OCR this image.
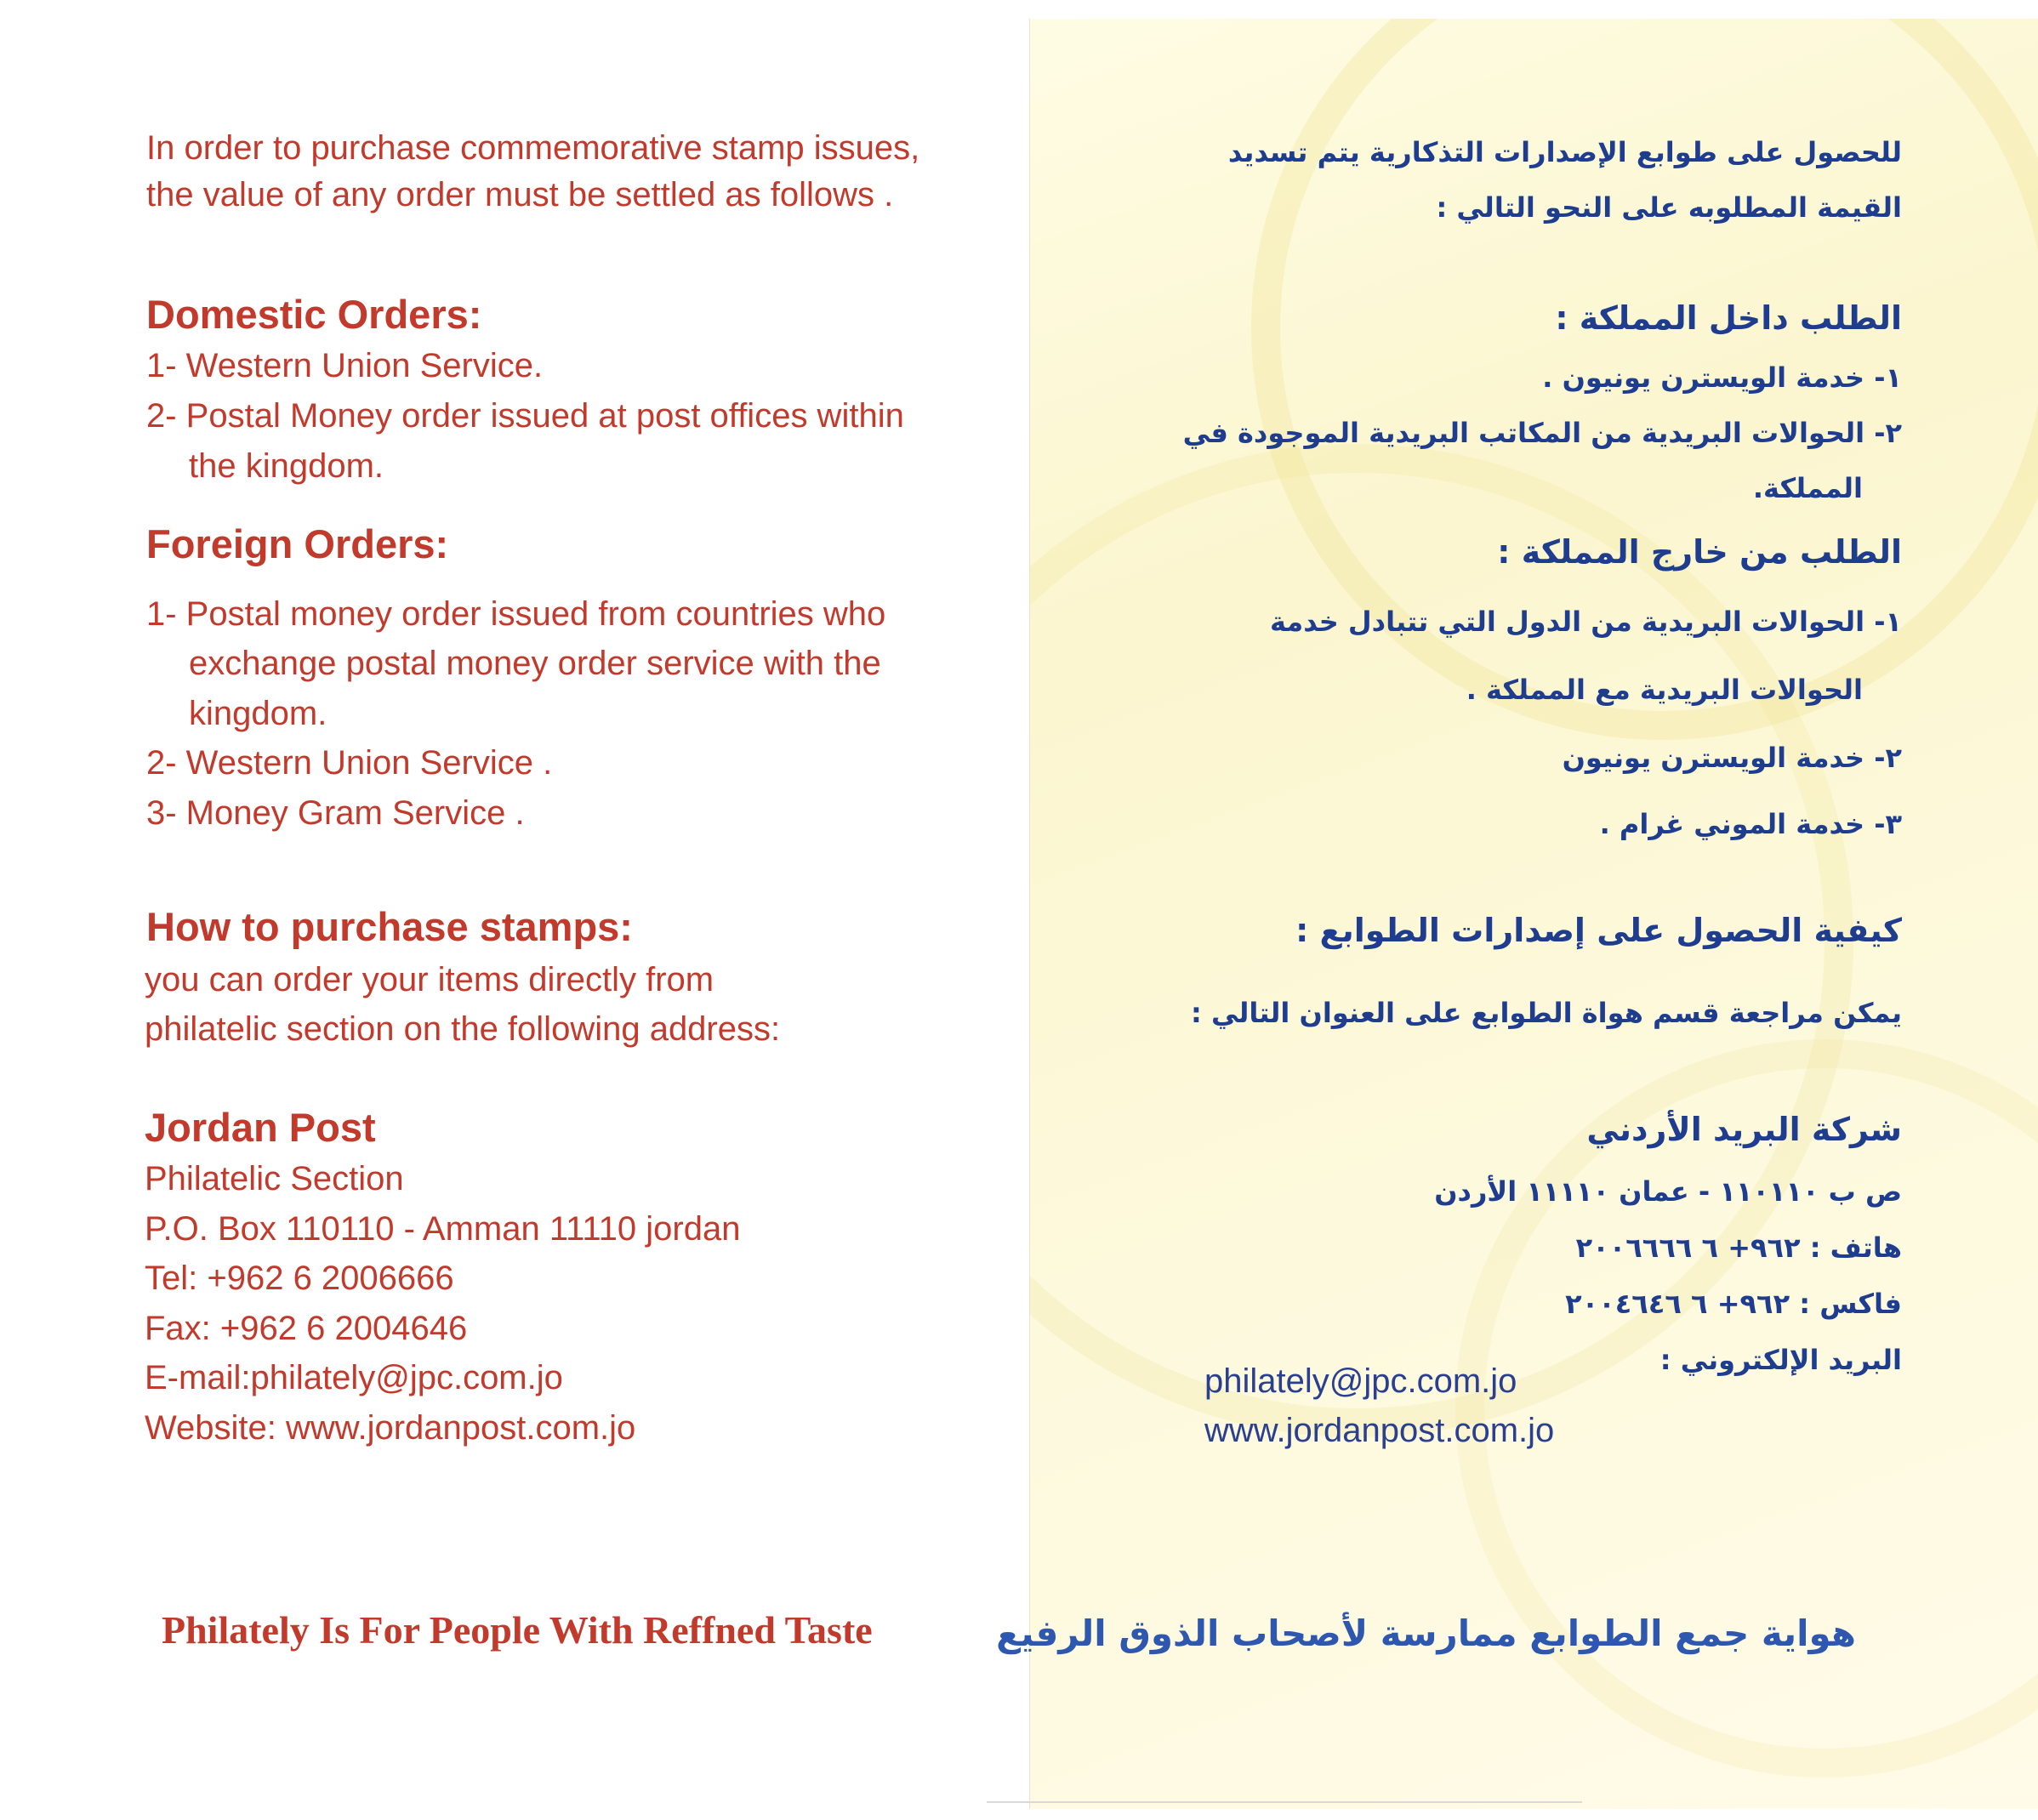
In order to purchase commemorative stamp issues,
the value of any order must be settled as follows .
Domestic Orders:
1- Western Union Service.
2- Postal Money order issued at post offices within
the kingdom.
Foreign Orders:
1- Postal money order issued from countries who
exchange postal money order service with the
kingdom.
2- Western Union Service .
3- Money Gram Service .
How to purchase stamps:
you can order your items directly from
philatelic section on the following address:
Jordan Post
Philatelic Section
P.O. Box 110110 - Amman 11110 jordan
Tel: +962 6 2006666
Fax: +962 6 2004646
E-mail:philately@jpc.com.jo
Website: www.jordanpost.com.jo
Philately Is For People With Reffned Taste
للحصول على طوابع الإصدارات التذكارية يتم تسديد
القيمة المطلوبه على النحو التالي :
الطلب داخل المملكة :
١- خدمة الويسترن يونيون .
٢- الحوالات البريدية من المكاتب البريدية الموجودة في
المملكة.
الطلب من خارج المملكة :
١- الحوالات البريدية من الدول التي تتبادل خدمة
الحوالات البريدية مع المملكة .
٢- خدمة الويسترن يونيون
٣- خدمة الموني غرام .
كيفية الحصول على إصدارات الطوابع :
يمكن مراجعة قسم هواة الطوابع على العنوان التالي :
شركة البريد الأردني
ص ب ١١٠١١٠ - عمان ١١١١٠ الأردن
هاتف : ٩٦٢+ ٦ ٢٠٠٦٦٦٦
فاكس : ٩٦٢+ ٦ ٢٠٠٤٦٤٦
البريد الإلكتروني :
philately@jpc.com.jo
www.jordanpost.com.jo
هواية جمع الطوابع ممارسة لأصحاب الذوق الرفيع
